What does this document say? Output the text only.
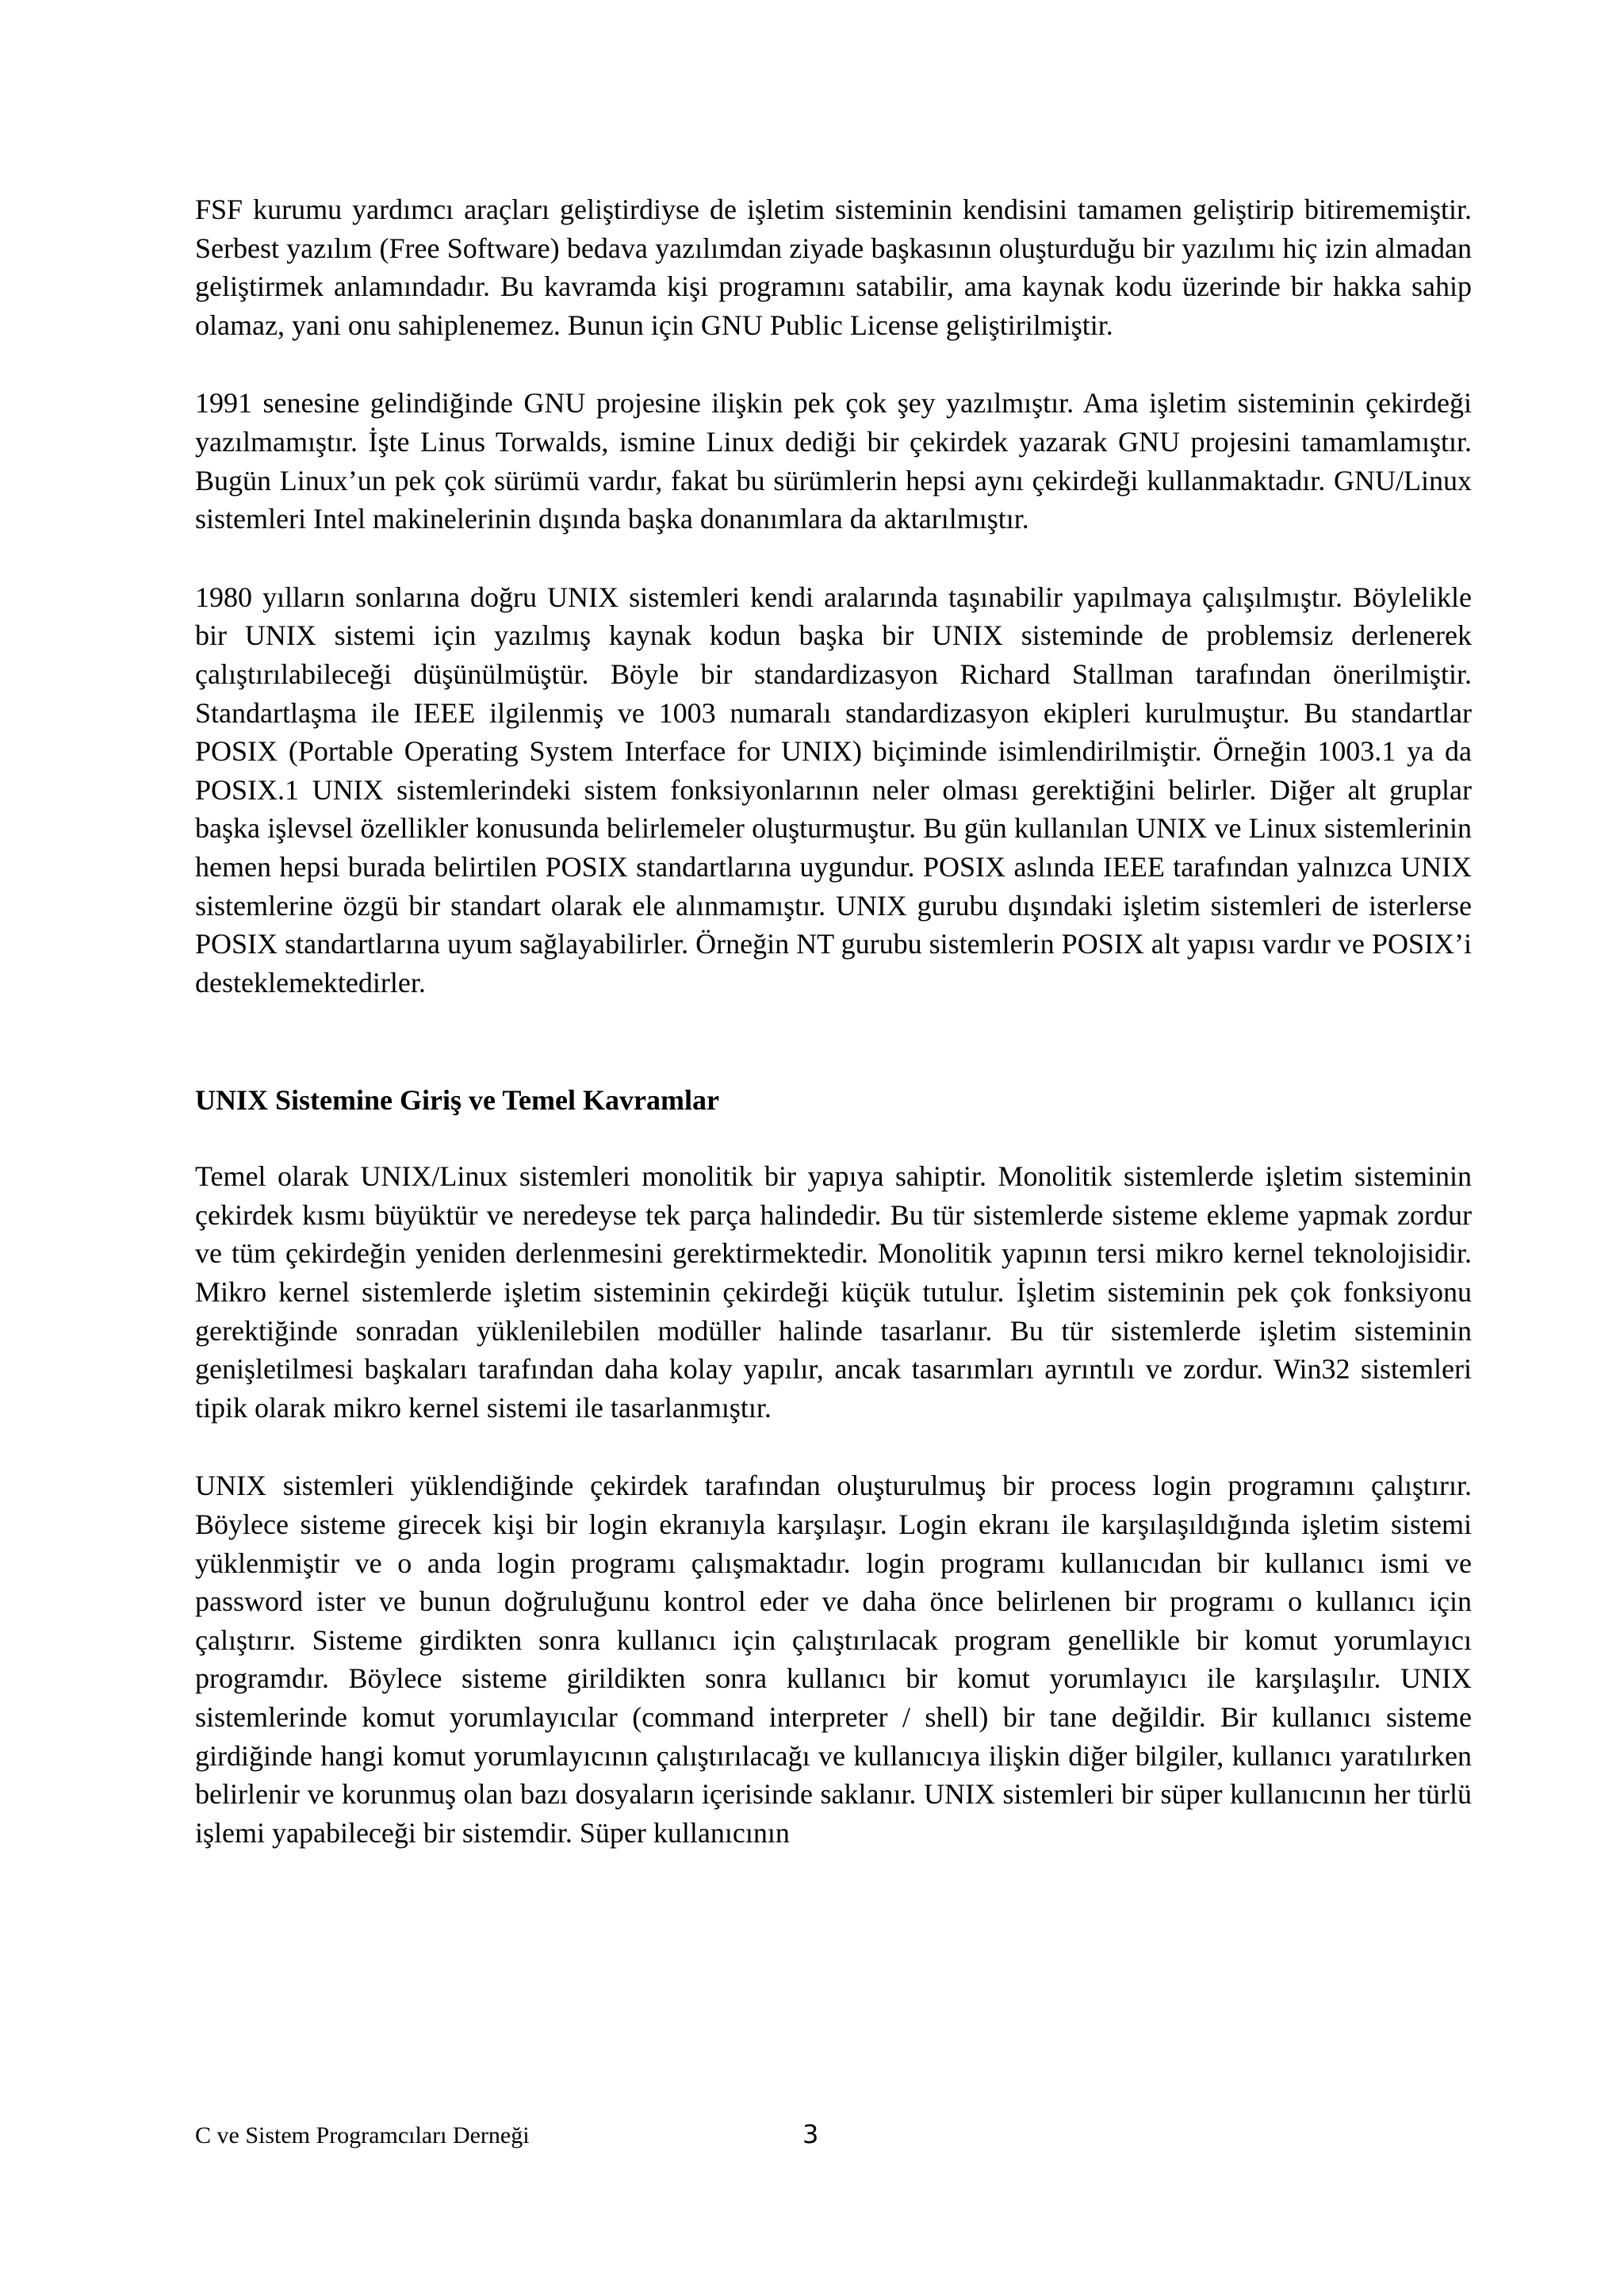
FSF kurumu yardımcı araçları geliştirdiyse de işletim sisteminin kendisini tamamen geliştirip bitirememiştir. Serbest yazılım (Free Software) bedava yazılımdan ziyade başkasının oluşturduğu bir yazılımı hiç izin almadan geliştirmek anlamındadır. Bu kavramda kişi programını satabilir, ama kaynak kodu üzerinde bir hakka sahip olamaz, yani onu sahiplenemez. Bunun için GNU Public License geliştirilmiştir.

1991 senesine gelindiğinde GNU projesine ilişkin pek çok şey yazılmıştır. Ama işletim sisteminin çekirdeği yazılmamıştır. İşte Linus Torwalds, ismine Linux dediği bir çekirdek yazarak GNU projesini tamamlamıştır. Bugün Linux’un pek çok sürümü vardır, fakat bu sürümlerin hepsi aynı çekirdeği kullanmaktadır. GNU/Linux sistemleri Intel makinelerinin dışında başka donanımlara da aktarılmıştır.

1980 yılların sonlarına doğru UNIX sistemleri kendi aralarında taşınabilir yapılmaya çalışılmıştır. Böylelikle bir UNIX sistemi için yazılmış kaynak kodun başka bir UNIX sisteminde de problemsiz derlenerek çalıştırılabileceği düşünülmüştür. Böyle bir standardizasyon Richard Stallman tarafından önerilmiştir. Standartlaşma ile IEEE ilgilenmiş ve 1003 numaralı standardizasyon ekipleri kurulmuştur. Bu standartlar POSIX (Portable Operating System Interface for UNIX) biçiminde isimlendirilmiştir. Örneğin 1003.1 ya da POSIX.1 UNIX sistemlerindeki sistem fonksiyonlarının neler olması gerektiğini belirler. Diğer alt gruplar başka işlevsel özellikler konusunda belirlemeler oluşturmuştur. Bu gün kullanılan UNIX ve Linux sistemlerinin hemen hepsi burada belirtilen POSIX standartlarına uygundur. POSIX aslında IEEE tarafından yalnızca UNIX sistemlerine özgü bir standart olarak ele alınmamıştır. UNIX gurubu dışındaki işletim sistemleri de isterlerse POSIX standartlarına uyum sağlayabilirler. Örneğin NT gurubu sistemlerin POSIX alt yapısı vardır ve POSIX’i desteklemektedirler.

UNIX Sistemine Giriş ve Temel Kavramlar

Temel olarak UNIX/Linux sistemleri monolitik bir yapıya sahiptir. Monolitik sistemlerde işletim sisteminin çekirdek kısmı büyüktür ve neredeyse tek parça halindedir. Bu tür sistemlerde sisteme ekleme yapmak zordur ve tüm çekirdeğin yeniden derlenmesini gerektirmektedir. Monolitik yapının tersi mikro kernel teknolojisidir. Mikro kernel sistemlerde işletim sisteminin çekirdeği küçük tutulur. İşletim sisteminin pek çok fonksiyonu gerektiğinde sonradan yüklenilebilen modüller halinde tasarlanır. Bu tür sistemlerde işletim sisteminin genişletilmesi başkaları tarafından daha kolay yapılır, ancak tasarımları ayrıntılı ve zordur. Win32 sistemleri tipik olarak mikro kernel sistemi ile tasarlanmıştır.

UNIX sistemleri yüklendiğinde çekirdek tarafından oluşturulmuş bir process login programını çalıştırır. Böylece sisteme girecek kişi bir login ekranıyla karşılaşır. Login ekranı ile karşılaşıldığında işletim sistemi yüklenmiştir ve o anda login programı çalışmaktadır. login programı kullanıcıdan bir kullanıcı ismi ve password ister ve bunun doğruluğunu kontrol eder ve daha önce belirlenen bir programı o kullanıcı için çalıştırır. Sisteme girdikten sonra kullanıcı için çalıştırılacak program genellikle bir komut yorumlayıcı programdır. Böylece sisteme girildikten sonra kullanıcı bir komut yorumlayıcı ile karşılaşılır. UNIX sistemlerinde komut yorumlayıcılar (command interpreter / shell) bir tane değildir. Bir kullanıcı sisteme girdiğinde hangi komut yorumlayıcının çalıştırılacağı ve kullanıcıya ilişkin diğer bilgiler, kullanıcı yaratılırken belirlenir ve korunmuş olan bazı dosyaların içerisinde saklanır. UNIX sistemleri bir süper kullanıcının her türlü işlemi yapabileceği bir sistemdir. Süper kullanıcının

C ve Sistem Programcıları Derneği	3
